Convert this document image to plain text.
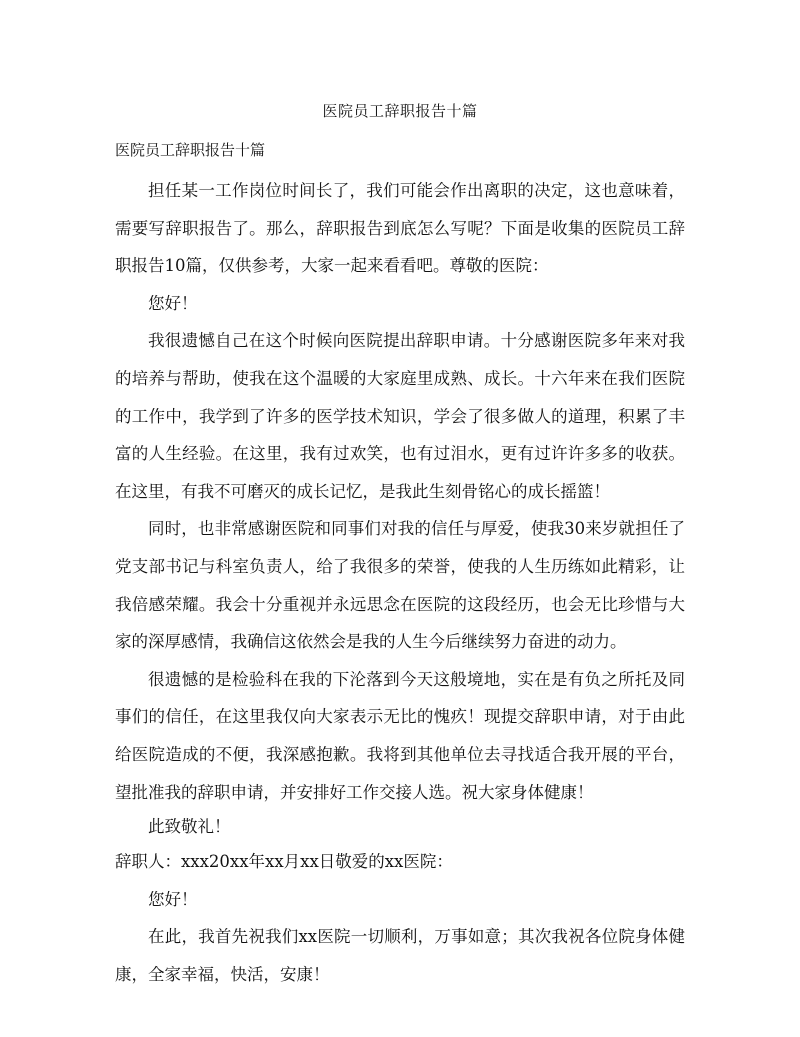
医院员工辞职报告十篇
医院员工辞职报告十篇

担任某一工作岗位时间长了，我们可能会作出离职的决定，这也意味着，需要写辞职报告了。那么，辞职报告到底怎么写呢？下面是收集的医院员工辞职报告10篇，仅供参考，大家一起来看看吧。尊敬的医院：

您好！

我很遗憾自己在这个时候向医院提出辞职申请。十分感谢医院多年来对我的培养与帮助，使我在这个温暖的大家庭里成熟、成长。十六年来在我们医院的工作中，我学到了许多的医学技术知识，学会了很多做人的道理，积累了丰富的人生经验。在这里，我有过欢笑，也有过泪水，更有过许许多多的收获。在这里，有我不可磨灭的成长记忆，是我此生刻骨铭心的成长摇篮！

同时，也非常感谢医院和同事们对我的信任与厚爱，使我30来岁就担任了党支部书记与科室负责人，给了我很多的荣誉，使我的人生历练如此精彩，让我倍感荣耀。我会十分重视并永远思念在医院的这段经历，也会无比珍惜与大家的深厚感情，我确信这依然会是我的人生今后继续努力奋进的动力。

很遗憾的是检验科在我的下沦落到今天这般境地，实在是有负之所托及同事们的信任，在这里我仅向大家表示无比的愧疚！现提交辞职申请，对于由此给医院造成的不便，我深感抱歉。我将到其他单位去寻找适合我开展的平台，望批准我的辞职申请，并安排好工作交接人选。祝大家身体健康！

此致敬礼！

辞职人：xxx20xx年xx月xx日敬爱的xx医院：

您好！

在此，我首先祝我们xx医院一切顺利，万事如意；其次我祝各位院身体健康，全家幸福，快活，安康！
